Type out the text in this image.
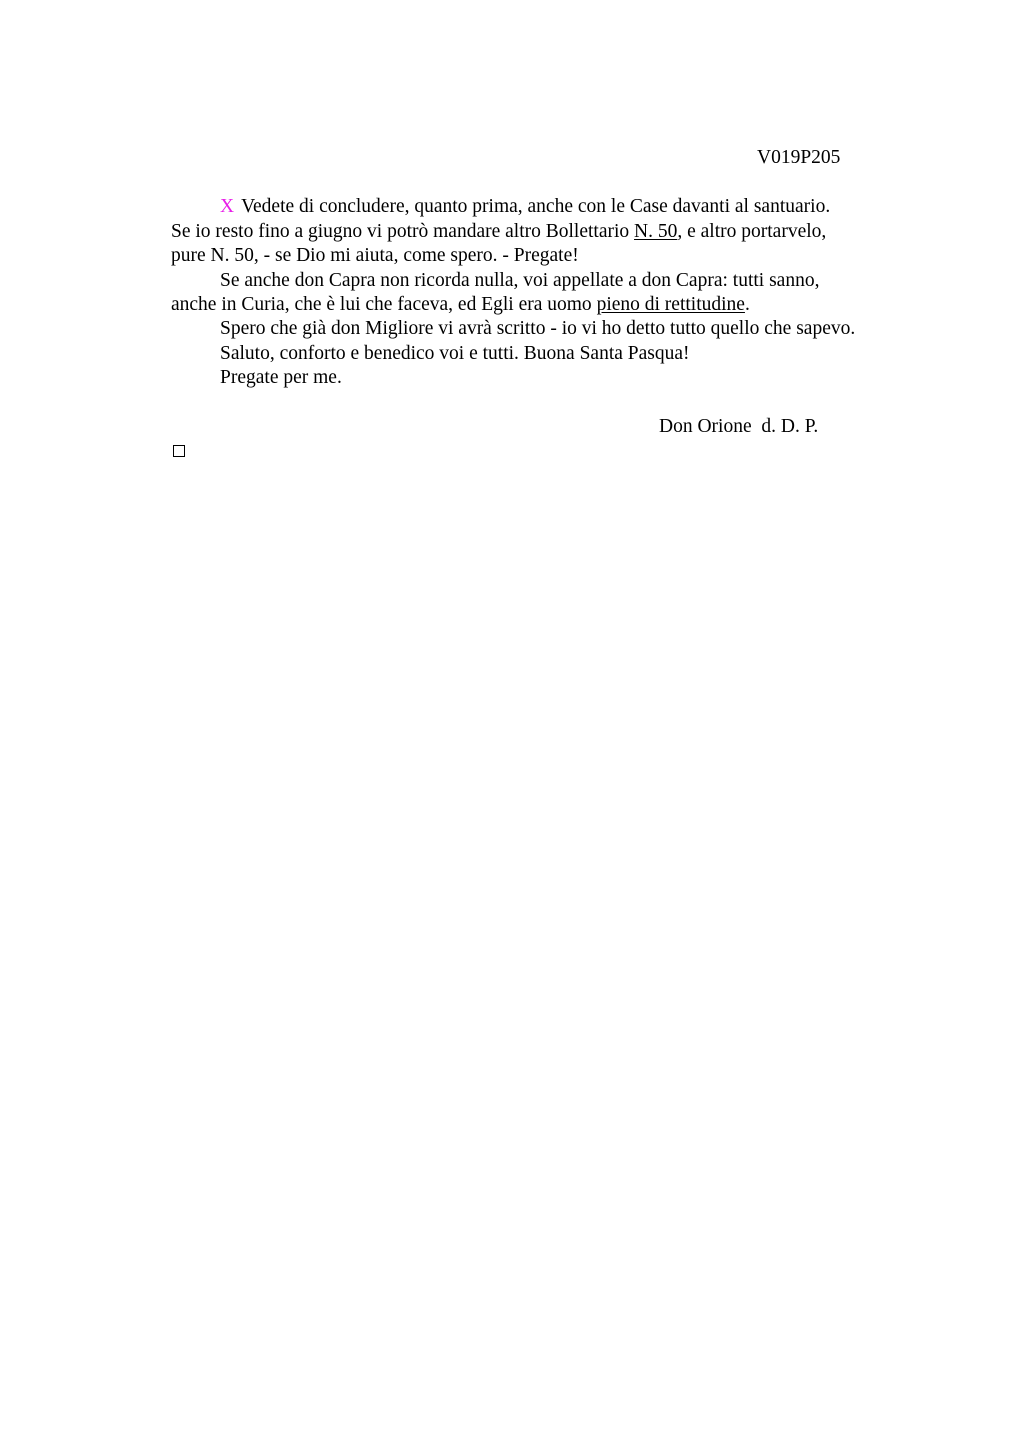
V019P205
X Vedete di concludere, quanto prima, anche con le Case davanti al santuario.
Se io resto fino a giugno vi potrò mandare altro Bollettario N. 50, e altro portarvelo,
pure N. 50, - se Dio mi aiuta, come spero. - Pregate!
Se anche don Capra non ricorda nulla, voi appellate a don Capra: tutti sanno,
anche in Curia, che è lui che faceva, ed Egli era uomo pieno di rettitudine.
Spero che già don Migliore vi avrà scritto - io vi ho detto tutto quello che sapevo.
Saluto, conforto e benedico voi e tutti. Buona Santa Pasqua!
Pregate per me.
Don Orione  d. D. P.
